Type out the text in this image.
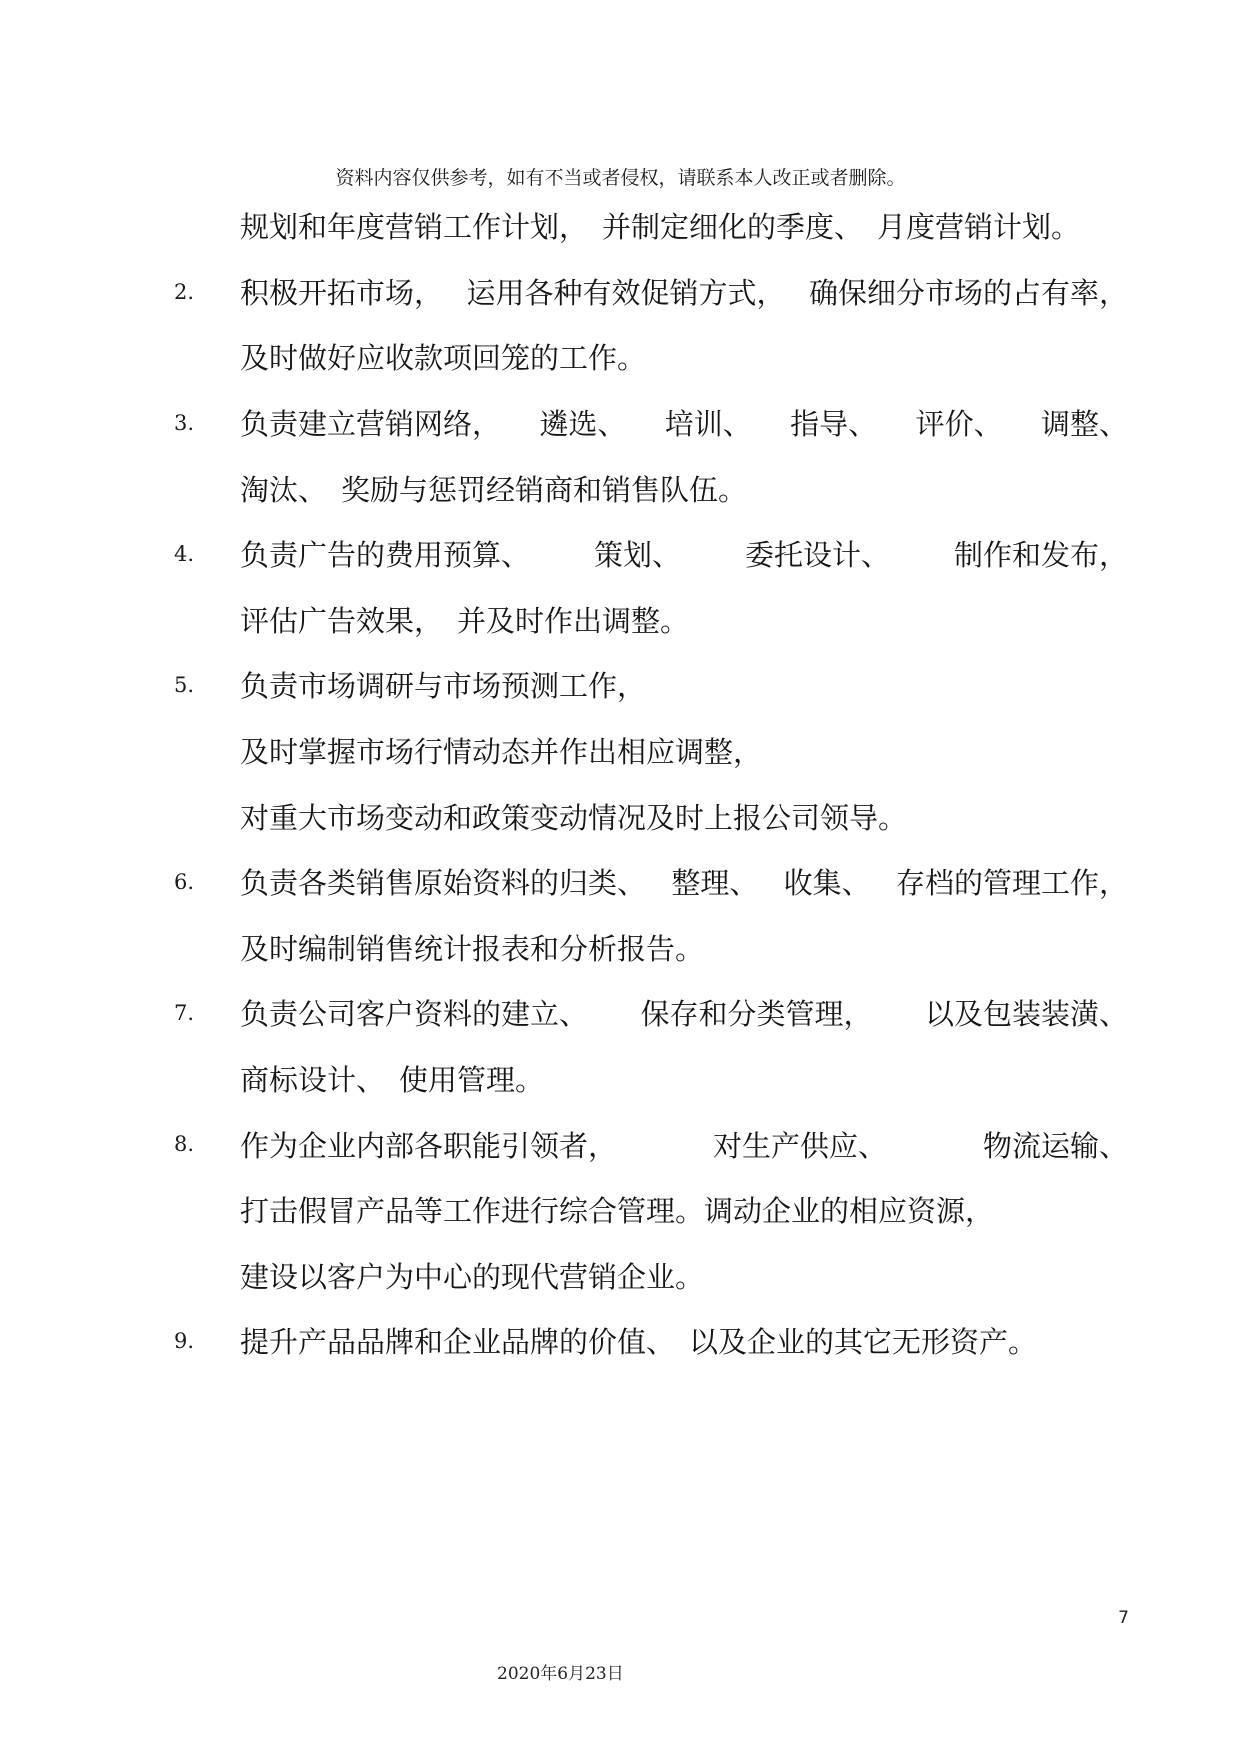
资料内容仅供参考，如有不当或者侵权，请联系本人改正或者删除。
规划和年度营销工作计划， 并制定细化的季度、 月度营销计划。
2. 积极开拓市场， 运用各种有效促销方式， 确保细分市场的占有率，
及时做好应收款项回笼的工作。
3. 负责建立营销网络， 遴选、 培训、 指导、 评价、 调整、
淘汰、 奖励与惩罚经销商和销售队伍。
4. 负责广告的费用预算、 策划、 委托设计、 制作和发布，
评估广告效果， 并及时作出调整。
5. 负责市场调研与市场预测工作，
及时掌握市场行情动态并作出相应调整，
对重大市场变动和政策变动情况及时上报公司领导。
6. 负责各类销售原始资料的归类、 整理、 收集、 存档的管理工作，
及时编制销售统计报表和分析报告。
7. 负责公司客户资料的建立、 保存和分类管理， 以及包装装潢、
商标设计、 使用管理。
8. 作为企业内部各职能引领者，	对生产供应、	物流运输、
打击假冒产品等工作进行综合管理。调动企业的相应资源，
建设以客户为中心的现代营销企业。
9. 提升产品品牌和企业品牌的价值、 以及企业的其它无形资产。
7
2020年6月23日
